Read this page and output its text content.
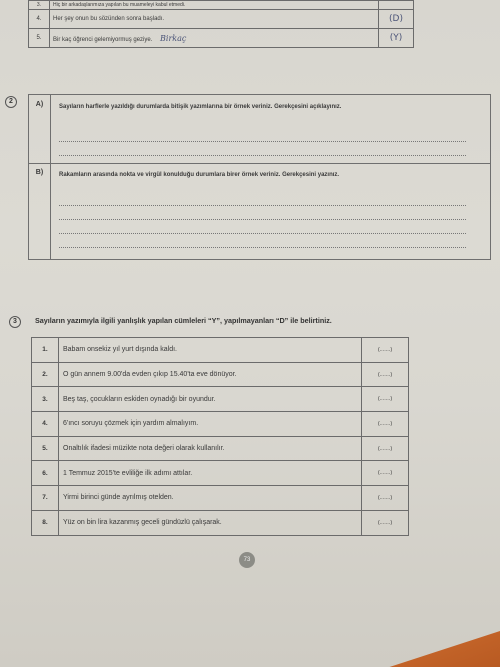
3.	Hiç bir arkadaşlarımıza yapılan bu muameleyi kabul etmedi.	
4.	Her şey onun bu sözünden sonra başladı.	(D)
5.	Bir kaç öğrenci gelemiyormuş geziye. Birkaç	(Y)
2	A)	Sayıların harflerle yazıldığı durumlarda bitişik yazımlarına bir örnek veriniz. Gerekçesini açıklayınız.
B)	Rakamların arasında nokta ve virgül konulduğu durumlara birer örnek veriniz. Gerekçesini yazınız.
3	Sayıların yazımıyla ilgili yanlışlık yapılan cümleleri “Y”, yapılmayanları “D” ile belirtiniz.
1.	Babam onsekiz yıl yurt dışında kaldı.	(.......)
2.	O gün annem 9.00'da evden çıkıp 15.40'ta eve dönüyor.	(.......)
3.	Beş taş, çocukların eskiden oynadığı bir oyundur.	(.......)
4.	6'ıncı soruyu çözmek için yardım almalıyım.	(.......)
5.	Onaltılık ifadesi müzikte nota değeri olarak kullanılır.	(.......)
6.	1 Temmuz 2015'te evliliğe ilk adımı attılar.	(.......)
7.	Yirmi birinci günde ayrılmış otelden.	(.......)
8.	Yüz on bin lira kazanmış geceli gündüzlü çalışarak.	(.......)
73
